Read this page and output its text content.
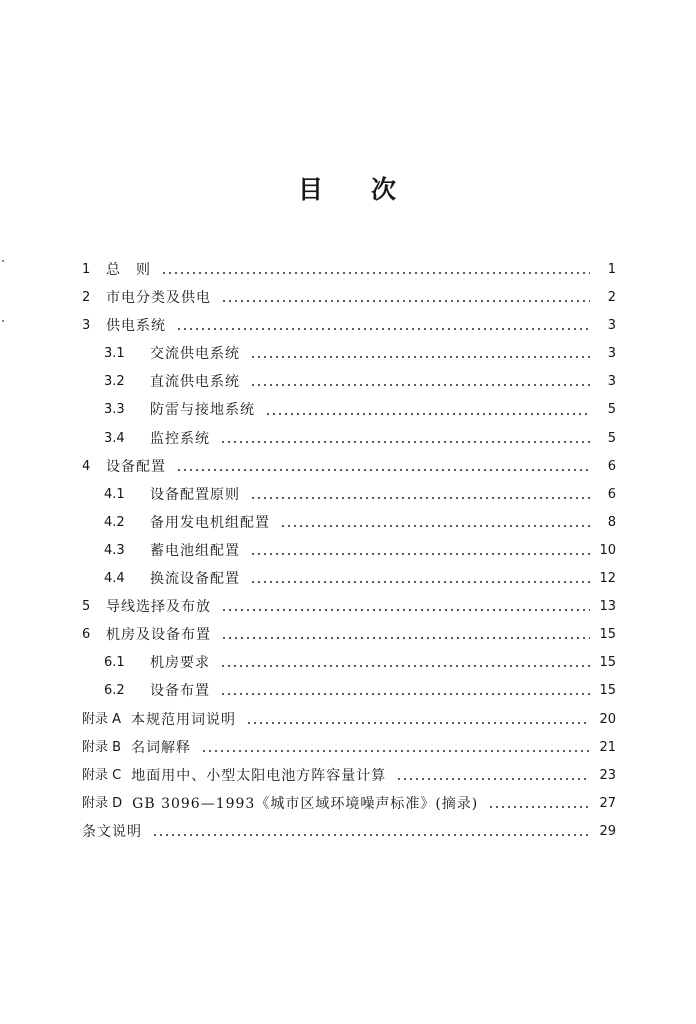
目 次
1	总　则	1
2	市电分类及供电	2
3	供电系统	3
3.1	交流供电系统	3
3.2	直流供电系统	3
3.3	防雷与接地系统	5
3.4	监控系统	5
4	设备配置	6
4.1	设备配置原则	6
4.2	备用发电机组配置	8
4.3	蓄电池组配置	10
4.4	换流设备配置	12
5	导线选择及布放	13
6	机房及设备布置	15
6.1	机房要求	15
6.2	设备布置	15
附录 A 本规范用词说明	20
附录 B 名词解释	21
附录 C 地面用中、小型太阳电池方阵容量计算	23
附录 D GB 3096—1993《城市区域环境噪声标准》(摘录)	27
条文说明	29
